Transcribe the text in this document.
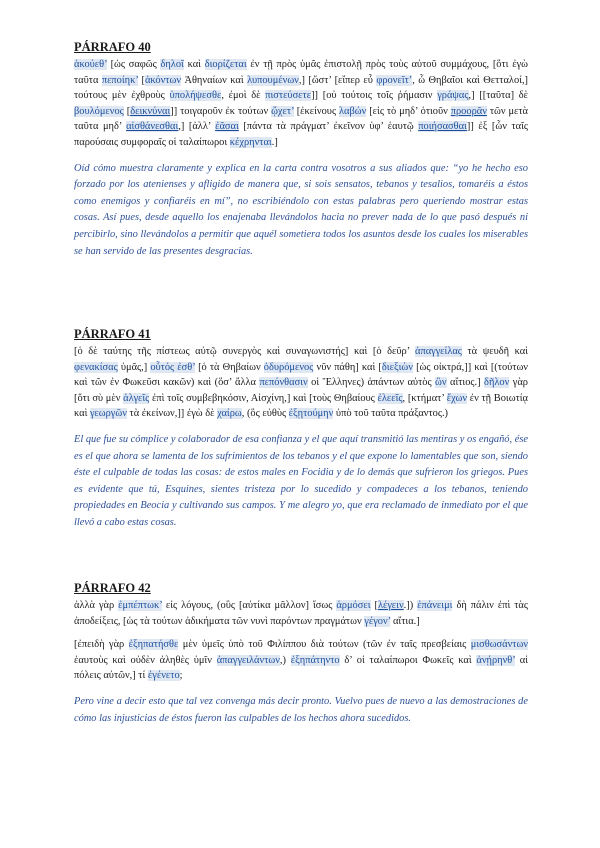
PÁRRAFO 40

ἀκούεθ’ [ὡς σαφῶς δηλοῖ καὶ διορίζεται ἐν τῇ πρὸς ὑμᾶς ἐπιστολῇ πρὸς τοὺς αὑτοῦ συμμάχους, [ὅτι ἐγὼ ταῦτα πεποίηκ’ [ἀκόντων Ἀθηναίων καὶ λυπουμένων,] [ὥστ’ [εἴπερ εὖ φρονεῖτ’, ὦ Θηβαῖοι καὶ Θετταλοί,] τούτους μὲν ἐχθροὺς ὑπολήψεσθε, ἐμοὶ δὲ πιστεύσετε]] [οὐ τούτοις τοῖς ῥήμασιν γράψας,] [[ταῦτα] δὲ βουλόμενος [δεικνύναι]] τοιγαροῦν ἐκ τούτων ᾤχετ’ [ἐκείνους λαβών [εἰς τὸ μηδ’ ὁτιοῦν προορᾶν τῶν μετὰ ταῦτα μηδ’ αἰσθάνεσθαι,] [ἀλλ’ ἐᾶσαι [πάντα τὰ πράγματ’ ἐκεῖνον ὑφ’ ἑαυτῷ ποιήσασθαι]] ἐξ [ὧν ταῖς παρούσαις συμφοραῖς οἱ ταλαίπωροι κέχρηνται.]

Oíd cómo muestra claramente y explica en la carta contra vosotros a sus aliados que: “yo he hecho eso forzado por los atenienses y afligido de manera que, si sois sensatos, tebanos y tesalios, tomaréis a éstos como enemigos y confiaréis en mí”, no escribiéndolo con estas palabras pero queriendo mostrar estas cosas. Así pues, desde aquello los enajenaba llevándolos hacia no prever nada de lo que pasó después ni percibirlo, sino llevándolos a permitir que aquél sometiera todos los asuntos desde los cuales los miserables se han servido de las presentes desgracias.

PÁRRAFO 41

[ὁ δὲ ταύτης τῆς πίστεως αὐτῷ συνεργὸς καὶ συναγωνιστής] καὶ [ὁ δεῦρ’ ἀπαγγείλας τὰ ψευδῆ καὶ φενακίσας ὑμᾶς,] οὗτός ἐσθ’ [ὁ τὰ Θηβαίων ὀδυρόμενος νῦν πάθη] καὶ [διεξιὼν [ὡς οἰκτρά,]] καὶ [(τούτων καὶ τῶν ἐν Φωκεῦσι κακῶν) καὶ (ὅσ’ ἄλλα πεπόνθασιν οἱ Ἕλληνες) ἁπάντων αὐτὸς ὢν αἴτιος.] δῆλον γὰρ [ὅτι σὺ μὲν ἀλγεῖς ἐπὶ τοῖς συμβεβηκόσιν, Αἰσχίνη,] καὶ [τοὺς Θηβαίους ἐλεεῖς, [κτήματ’ ἔχων ἐν τῇ Βοιωτίᾳ καὶ γεωργῶν τὰ ἐκείνων,]] ἐγὼ δὲ χαίρω, (ὃς εὐθὺς ἐξῃτούμην ὑπὸ τοῦ ταῦτα πράξαντος.)

El que fue su cómplice y colaborador de esa confianza y el que aquí transmitió las mentiras y os engañó, ése es el que ahora se lamenta de los sufrimientos de los tebanos y el que expone lo lamentables que son, siendo éste el culpable de todas las cosas: de estos males en Focidia y de lo demás que sufrieron los griegos. Pues es evidente que tú, Esquines, sientes tristeza por lo sucedido y compadeces a los tebanos, teniendo propiedades en Beocia y cultivando sus campos. Y me alegro yo, que era reclamado de inmediato por el que llevó a cabo estas cosas.

PÁRRAFO 42

ἀλλὰ γὰρ ἐμπέπτωκ’ εἰς λόγους, (οὓς [αὐτίκα μᾶλλον] ἴσως ἁρμόσει [λέγειν.]) ἐπάνειμι δὴ πάλιν ἐπὶ τὰς ἀποδείξεις, [ὡς τὰ τούτων ἀδικήματα τῶν νυνὶ παρόντων πραγμάτων γέγον’ αἴτια.]

[ἐπειδὴ γὰρ ἐξηπατήσθε μὲν ὑμεῖς ὑπὸ τοῦ Φιλίππου διὰ τούτων (τῶν ἐν ταῖς πρεσβείαις μισθωσάντων ἑαυτοὺς καὶ οὐδὲν ἀληθὲς ὑμῖν ἀπαγγειλάντων,) ἐξηπάτηντο δ’ οἱ ταλαίπωροι Φωκεῖς καὶ ἀνῄρηνθ’ αἱ πόλεις αὐτῶν,] τί ἐγένετο;

Pero vine a decir esto que tal vez convenga más decir pronto. Vuelvo pues de nuevo a las demostraciones de cómo las injusticias de éstos fueron las culpables de los hechos ahora sucedidos.
